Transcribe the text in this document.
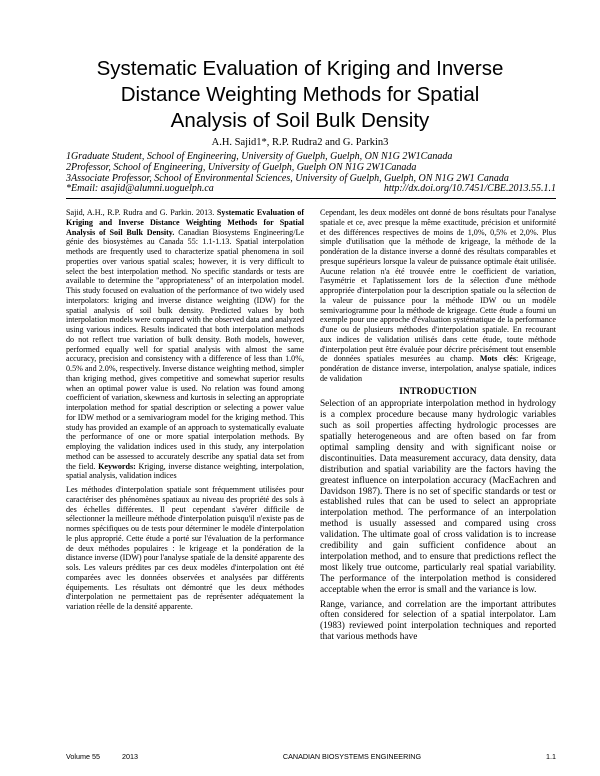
Systematic Evaluation of Kriging and Inverse
Distance Weighting Methods for Spatial
Analysis of Soil Bulk Density
A.H. Sajid1*, R.P. Rudra2 and G. Parkin3
1Graduate Student, School of Engineering, University of Guelph, Guelph, ON N1G 2W1Canada
2Professor, School of Engineering, University of Guelph, Guelph ON N1G 2W1Canada
3Associate Professor, School of Environmental Sciences, University of Guelph, Guelph, ON N1G 2W1 Canada
*Email: asajid@alumni.uoguelph.ca	http://dx.doi.org/10.7451/CBE.2013.55.1.1

Sajid, A.H., R.P. Rudra and G. Parkin. 2013. Systematic Evaluation of Kriging and Inverse Distance Weighting Methods for Spatial Analysis of Soil Bulk Density. Canadian Biosystems Engineering/Le génie des biosystèmes au Canada 55: 1.1-1.13. Spatial interpolation methods are frequently used to characterize spatial phenomena in soil properties over various spatial scales; however, it is very difficult to select the best interpolation method. No specific standards or tests are available to determine the "appropriateness" of an interpolation model. This study focused on evaluation of the performance of two widely used interpolators: kriging and inverse distance weighting (IDW) for the spatial analysis of soil bulk density. Predicted values by both interpolation models were compared with the observed data and analyzed using various indices. Results indicated that both interpolation methods do not reflect true variation of bulk density. Both models, however, performed equally well for spatial analysis with almost the same accuracy, precision and consistency with a difference of less than 1.0%, 0.5% and 2.0%, respectively. Inverse distance weighting method, simpler than kriging method, gives competitive and somewhat superior results when an optimal power value is used. No relation was found among coefficient of variation, skewness and kurtosis in selecting an appropriate interpolation method for spatial description or selecting a power value for IDW method or a semivariogram model for the kriging method. This study has provided an example of an approach to systematically evaluate the performance of one or more spatial interpolation methods. By employing the validation indices used in this study, any interpolation method can be assessed to accurately describe any spatial data set from the field. Keywords: Kriging, inverse distance weighting, interpolation, spatial analysis, validation indices

Les méthodes d'interpolation spatiale sont fréquemment utilisées pour caractériser des phénomènes spatiaux au niveau des propriété des sols à des échelles différentes. Il peut cependant s'avérer difficile de sélectionner la meilleure méthode d'interpolation puisqu'il n'existe pas de normes spécifiques ou de tests pour déterminer le modèle d'interpolation le plus approprié. Cette étude a porté sur l'évaluation de la performance de deux méthodes populaires : le krigeage et la pondération de la distance inverse (IDW) pour l'analyse spatiale de la densité apparente des sols. Les valeurs prédites par ces deux modèles d'interpolation ont été comparées avec les données observées et analysées par différents équipements. Les résultats ont démontré que les deux méthodes d'interpolation ne permettaient pas de représenter adéquatement la variation réelle de la densité apparente.

Cependant, les deux modèles ont donné de bons résultats pour l'analyse spatiale et ce, avec presque la même exactitude, précision et uniformité et des différences respectives de moins de 1,0%, 0,5% et 2,0%. Plus simple d'utilisation que la méthode de krigeage, la méthode de la pondération de la distance inverse a donné des résultats comparables et presque supérieurs lorsque la valeur de puissance optimale était utilisée. Aucune relation n'a été trouvée entre le coefficient de variation, l'asymétrie et l'aplatissement lors de la sélection d'une méthode appropriée d'interpolation pour la description spatiale ou la sélection de la valeur de puissance pour la méthode IDW ou un modèle semivariogramme pour la méthode de krigeage. Cette étude a fourni un exemple pour une approche d'évaluation systématique de la performance d'une ou de plusieurs méthodes d'interpolation spatiale. En recourant aux indices de validation utilisés dans cette étude, toute méthode d'interpolation peut être évaluée pour décrire précisément tout ensemble de données spatiales mesurées au champ. Mots clés: Krigeage, pondération de distance inverse, interpolation, analyse spatiale, indices de validation

INTRODUCTION

Selection of an appropriate interpolation method in hydrology is a complex procedure because many hydrologic variables such as soil properties affecting hydrologic processes are spatially heterogeneous and are often based on far from optimal sampling density and with significant noise or discontinuities. Data measurement accuracy, data density, data distribution and spatial variability are the factors having the greatest influence on interpolation accuracy (MacEachren and Davidson 1987). There is no set of specific standards or test or established rules that can be used to select an appropriate interpolation method. The performance of an interpolation method is usually assessed and compared using cross validation. The ultimate goal of cross validation is to increase credibility and gain sufficient confidence about an interpolation method, and to ensure that predictions reflect the most likely true outcome, particularly real spatial variability. The performance of the interpolation method is considered acceptable when the error is small and the variance is low.

Range, variance, and correlation are the important attributes often considered for selection of a spatial interpolator. Lam (1983) reviewed point interpolation techniques and reported that various methods have

Volume 55	2013	CANADIAN BIOSYSTEMS ENGINEERING	1.1
